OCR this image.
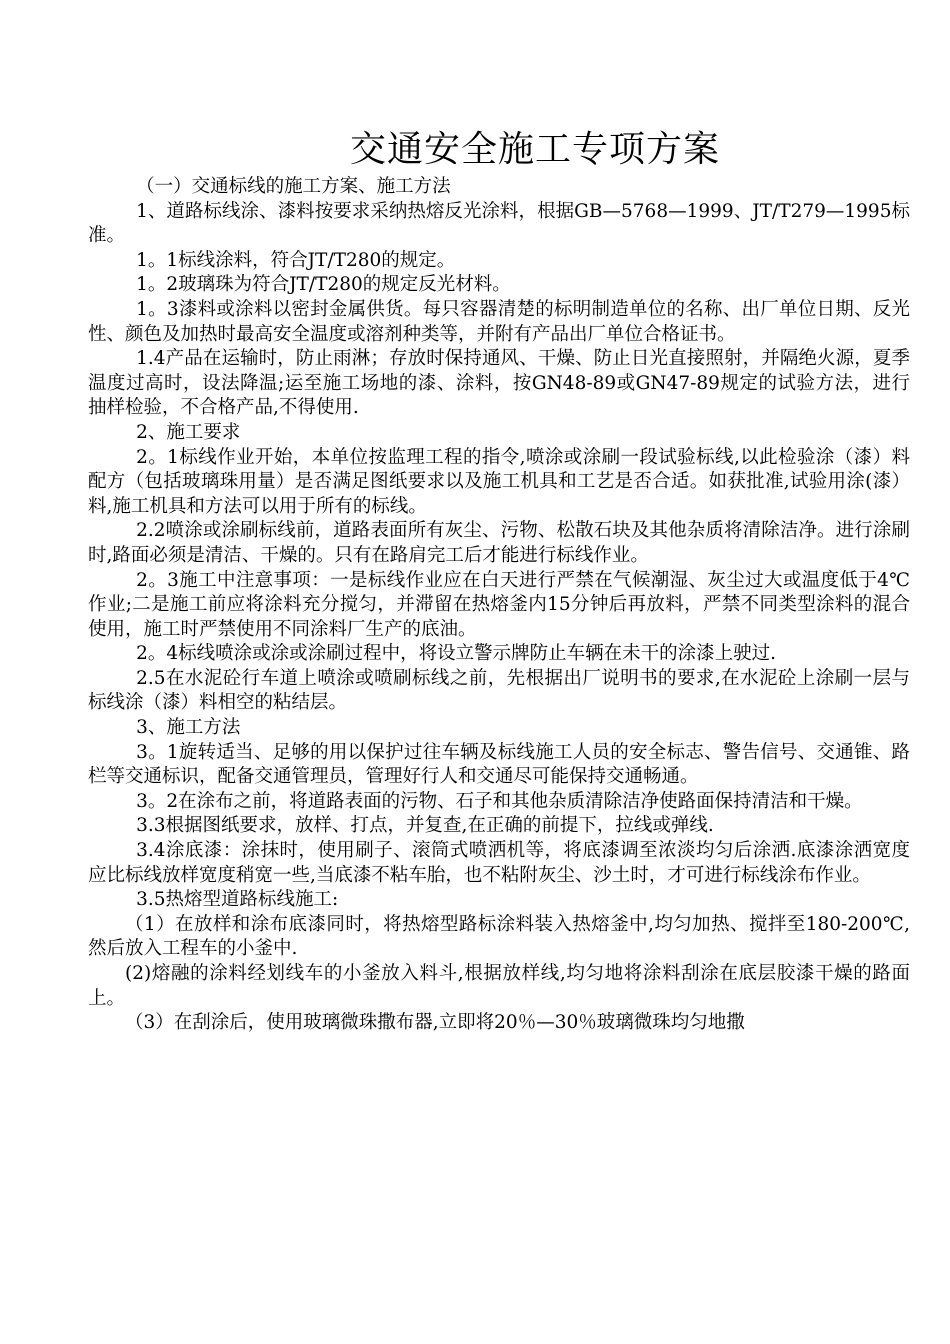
交通安全施工专项方案

（一）交通标线的施工方案、施工方法

1、道路标线涂、漆料按要求采纳热熔反光涂料，根据GB—5768—1999、JT/T279—1995标准。

1。1标线涂料，符合JT/T280的规定。

1。2玻璃珠为符合JT/T280的规定反光材料。

1。3漆料或涂料以密封金属供货。每只容器清楚的标明制造单位的名称、出厂单位日期、反光性、颜色及加热时最高安全温度或溶剂种类等，并附有产品出厂单位合格证书。

1.4产品在运输时，防止雨淋；存放时保持通风、干燥、防止日光直接照射，并隔绝火源，夏季温度过高时，设法降温;运至施工场地的漆、涂料，按GN48-89或GN47-89规定的试验方法，进行抽样检验，不合格产品,不得使用.

2、施工要求

2。1标线作业开始，本单位按监理工程的指令,喷涂或涂刷一段试验标线,以此检验涂（漆）料配方（包括玻璃珠用量）是否满足图纸要求以及施工机具和工艺是否合适。如获批准,试验用涂(漆）料,施工机具和方法可以用于所有的标线。

2.2喷涂或涂刷标线前，道路表面所有灰尘、污物、松散石块及其他杂质将清除洁净。进行涂刷时,路面必须是清洁、干燥的。只有在路肩完工后才能进行标线作业。

2。3施工中注意事项：一是标线作业应在白天进行严禁在气候潮湿、灰尘过大或温度低于4℃作业;二是施工前应将涂料充分搅匀，并滞留在热熔釜内15分钟后再放料，严禁不同类型涂料的混合使用，施工时严禁使用不同涂料厂生产的底油。

2。4标线喷涂或涂或涂刷过程中，将设立警示牌防止车辆在未干的涂漆上驶过.

2.5在水泥砼行车道上喷涂或喷刷标线之前，先根据出厂说明书的要求,在水泥砼上涂刷一层与标线涂（漆）料相空的粘结层。

3、施工方法

3。1旋转适当、足够的用以保护过往车辆及标线施工人员的安全标志、警告信号、交通锥、路栏等交通标识，配备交通管理员，管理好行人和交通尽可能保持交通畅通。

3。2在涂布之前，将道路表面的污物、石子和其他杂质清除洁净使路面保持清洁和干燥。

3.3根据图纸要求，放样、打点，并复查,在正确的前提下，拉线或弹线.

3.4涂底漆：涂抹时，使用刷子、滚筒式喷洒机等，将底漆调至浓淡均匀后涂洒.底漆涂洒宽度应比标线放样宽度稍宽一些,当底漆不粘车胎，也不粘附灰尘、沙土时，才可进行标线涂布作业。

3.5热熔型道路标线施工:

（1）在放样和涂布底漆同时，将热熔型路标涂料装入热熔釜中,均匀加热、搅拌至180-200℃,然后放入工程车的小釜中.

(2)熔融的涂料经划线车的小釜放入料斗,根据放样线,均匀地将涂料刮涂在底层胶漆干燥的路面上。

（3）在刮涂后，使用玻璃微珠撒布器,立即将20％—30％玻璃微珠均匀地撒
